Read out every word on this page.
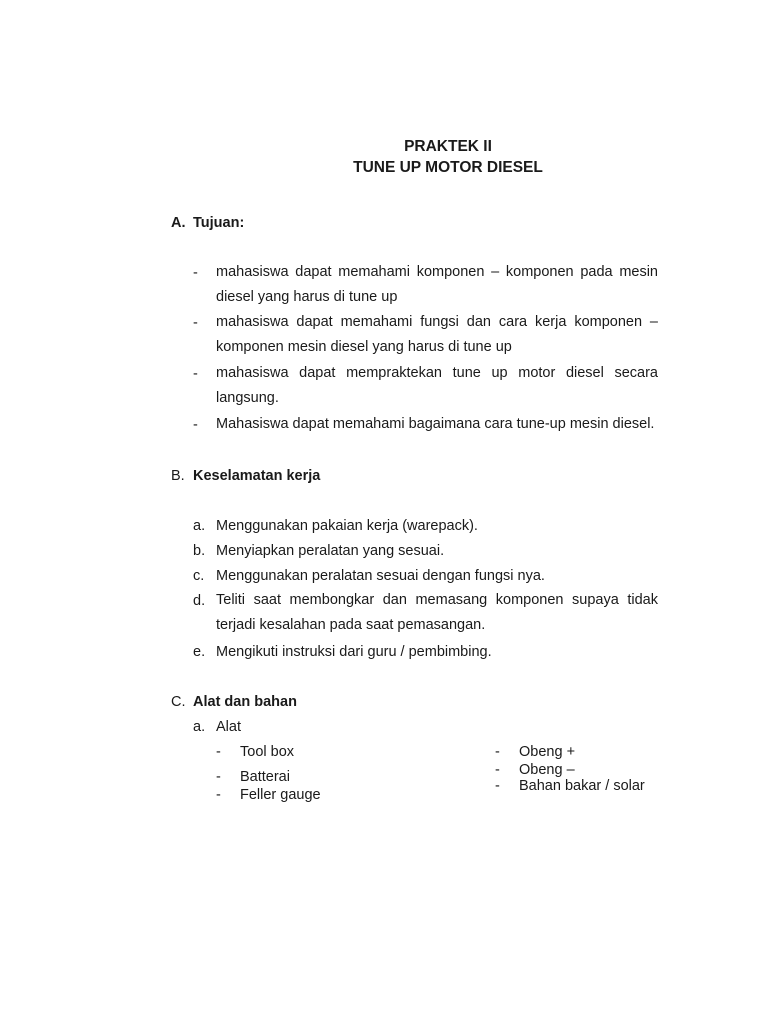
PRAKTEK II
TUNE UP MOTOR DIESEL
A. Tujuan:
- mahasiswa dapat memahami komponen – komponen pada mesin diesel yang harus di tune up
- mahasiswa dapat memahami fungsi dan cara kerja komponen – komponen mesin diesel yang harus di tune up
- mahasiswa dapat mempraktekan tune up motor diesel secara langsung.
- Mahasiswa dapat memahami bagaimana cara tune-up mesin diesel.
B. Keselamatan kerja
a. Menggunakan pakaian kerja (warepack).
b. Menyiapkan peralatan yang sesuai.
c. Menggunakan peralatan sesuai dengan fungsi nya.
d. Teliti saat membongkar dan memasang komponen supaya tidak terjadi kesalahan pada saat pemasangan.
e. Mengikuti instruksi dari guru / pembimbing.
C. Alat dan bahan
a. Alat
- Tool box
- Batterai
- Feller gauge
- Obeng +
- Obeng –
- Bahan bakar / solar
